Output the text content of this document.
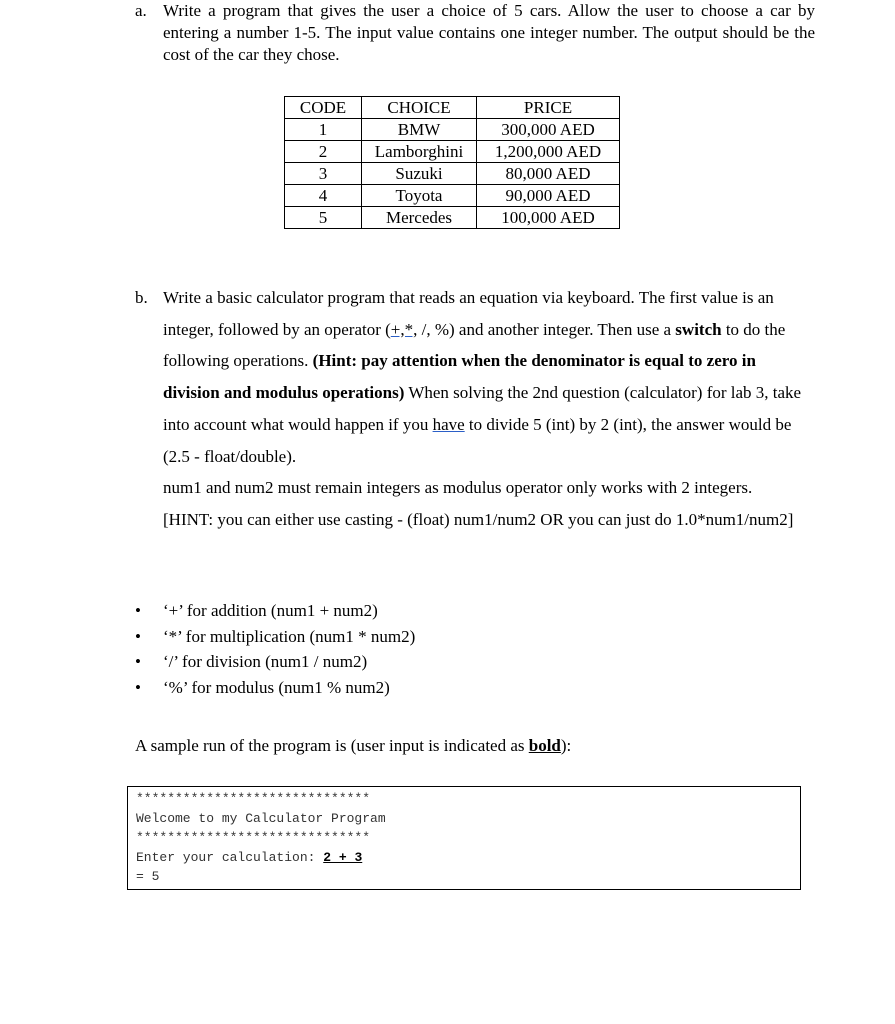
a. Write a program that gives the user a choice of 5 cars. Allow the user to choose a car by entering a number 1-5. The input value contains one integer number. The output should be the cost of the car they chose.
CODE	CHOICE	PRICE
1	BMW	300,000 AED
2	Lamborghini	1,200,000 AED
3	Suzuki	80,000 AED
4	Toyota	90,000 AED
5	Mercedes	100,000 AED
b. Write a basic calculator program that reads an equation via keyboard. The first value is an integer, followed by an operator (+,*, /, %) and another integer. Then use a switch to do the following operations. (Hint: pay attention when the denominator is equal to zero in division and modulus operations) When solving the 2nd question (calculator) for lab 3, take into account what would happen if you have to divide 5 (int) by 2 (int), the answer would be (2.5 - float/double).
num1 and num2 must remain integers as modulus operator only works with 2 integers.
[HINT: you can either use casting - (float) num1/num2 OR you can just do 1.0*num1/num2]
• ‘+’ for addition (num1 + num2)
• ‘*’ for multiplication (num1 * num2)
• ‘/’ for division (num1 / num2)
• ‘%’ for modulus (num1 % num2)
A sample run of the program is (user input is indicated as bold):
******************************
Welcome to my Calculator Program
******************************
Enter your calculation: 2 + 3
= 5
